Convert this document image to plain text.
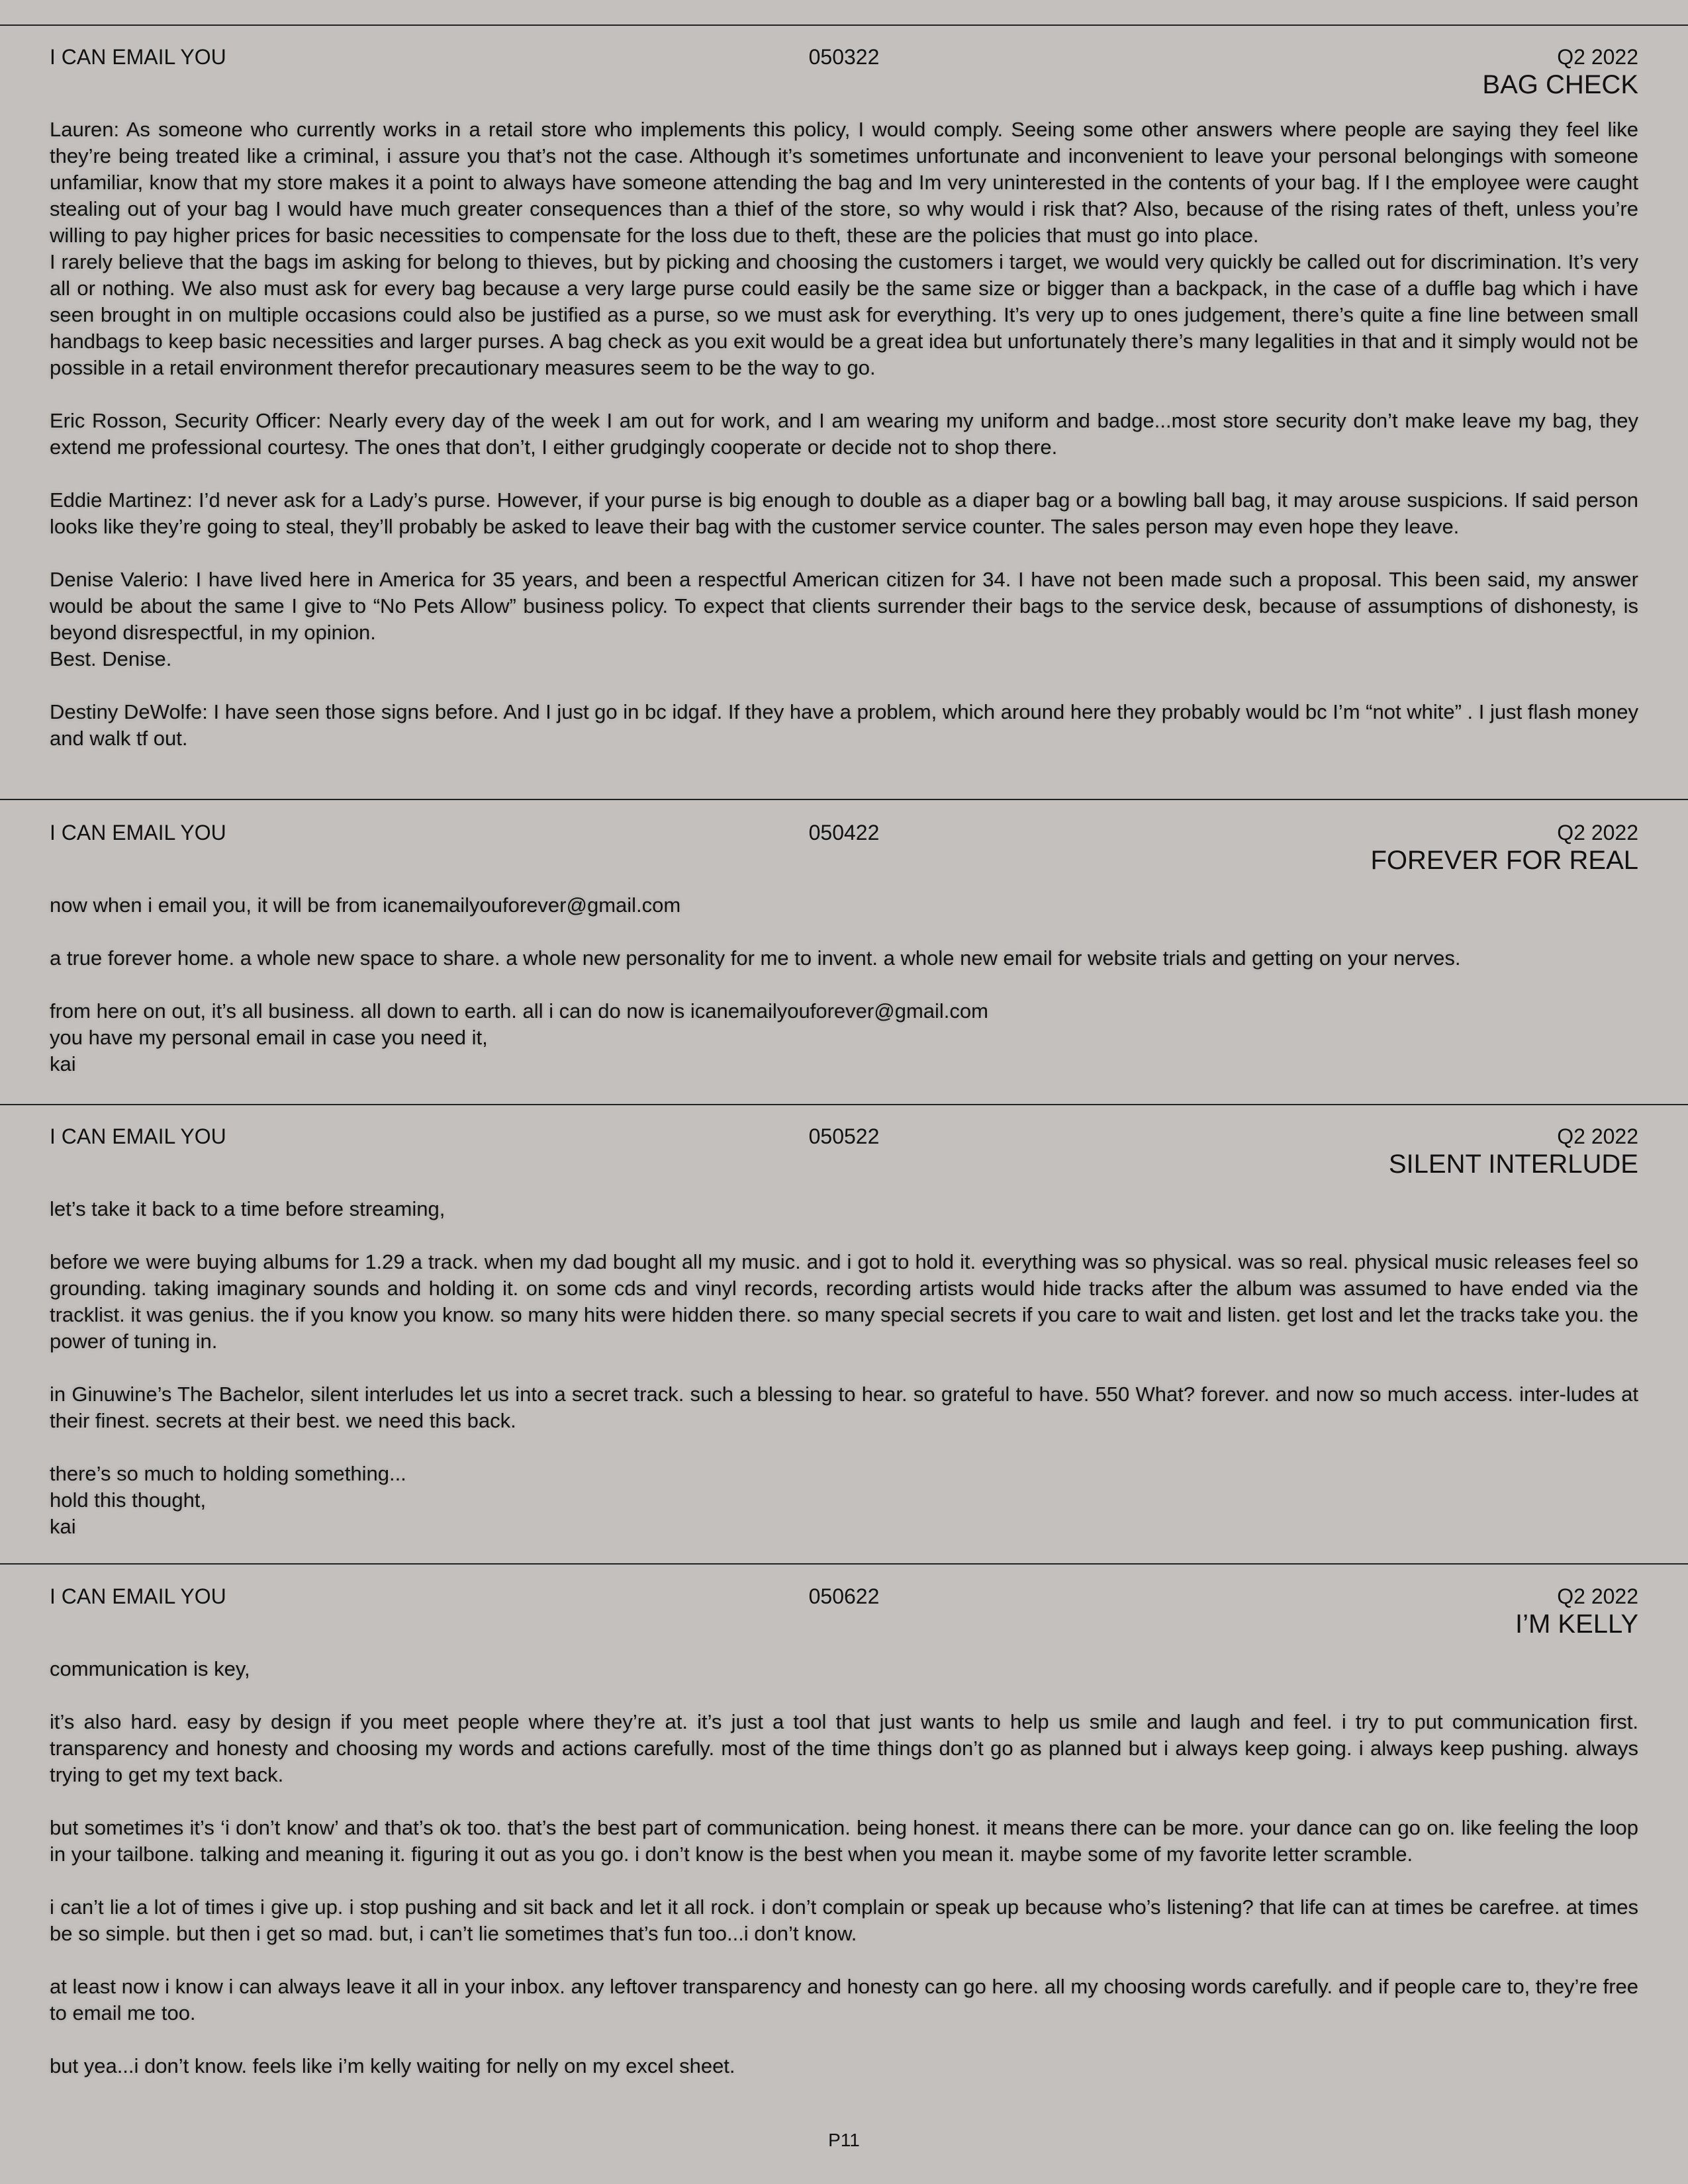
I CAN EMAIL YOU	050322	Q2 2022
BAG CHECK

Lauren: As someone who currently works in a retail store who implements this policy, I would comply. Seeing some other answers where people are saying they feel like they’re being treated like a criminal, i assure you that’s not the case. Although it’s sometimes unfortunate and inconvenient to leave your personal belongings with someone unfamiliar, know that my store makes it a point to always have someone attending the bag and Im very uninterested in the contents of your bag. If I the employee were caught stealing out of your bag I would have much greater consequences than a thief of the store, so why would i risk that? Also, because of the rising rates of theft, unless you’re willing to pay higher prices for basic necessities to compensate for the loss due to theft, these are the policies that must go into place.
I rarely believe that the bags im asking for belong to thieves, but by picking and choosing the customers i target, we would very quickly be called out for discrimination. It’s very all or nothing. We also must ask for every bag because a very large purse could easily be the same size or bigger than a backpack, in the case of a duffle bag which i have seen brought in on multiple occasions could also be justified as a purse, so we must ask for everything. It’s very up to ones judgement, there’s quite a fine line between small handbags to keep basic necessities and larger purses. A bag check as you exit would be a great idea but unfortunately there’s many legalities in that and it simply would not be possible in a retail environment therefor precautionary measures seem to be the way to go.

Eric Rosson, Security Officer: Nearly every day of the week I am out for work, and I am wearing my uniform and badge...most store security don’t make leave my bag, they extend me professional courtesy. The ones that don’t, I either grudgingly cooperate or decide not to shop there.

Eddie Martinez: I’d never ask for a Lady’s purse. However, if your purse is big enough to double as a diaper bag or a bowling ball bag, it may arouse suspicions. If said person looks like they’re going to steal, they’ll probably be asked to leave their bag with the customer service counter. The sales person may even hope they leave.

Denise Valerio: I have lived here in America for 35 years, and been a respectful American citizen for 34. I have not been made such a proposal. This been said, my answer would be about the same I give to “No Pets Allow” business policy. To expect that clients surrender their bags to the service desk, because of assumptions of dishonesty, is beyond disrespectful, in my opinion.
Best. Denise.

Destiny DeWolfe: I have seen those signs before. And I just go in bc idgaf. If they have a problem, which around here they probably would bc I’m “not white” . I just flash money and walk tf out.

I CAN EMAIL YOU	050422	Q2 2022
FOREVER FOR REAL

now when i email you, it will be from icanemailyouforever@gmail.com

a true forever home. a whole new space to share. a whole new personality for me to invent. a whole new email for website trials and getting on your nerves.

from here on out, it’s all business. all down to earth. all i can do now is icanemailyouforever@gmail.com
you have my personal email in case you need it,
kai

I CAN EMAIL YOU	050522	Q2 2022
SILENT INTERLUDE

let’s take it back to a time before streaming,

before we were buying albums for 1.29 a track. when my dad bought all my music. and i got to hold it. everything was so physical. was so real. physical music releases feel so grounding. taking imaginary sounds and holding it. on some cds and vinyl records, recording artists would hide tracks after the album was assumed to have ended via the tracklist. it was genius. the if you know you know. so many hits were hidden there. so many special secrets if you care to wait and listen. get lost and let the tracks take you. the power of tuning in.

in Ginuwine’s The Bachelor, silent interludes let us into a secret track. such a blessing to hear. so grateful to have. 550 What? forever. and now so much access. inter-ludes at their finest. secrets at their best. we need this back.

there’s so much to holding something...
hold this thought,
kai

I CAN EMAIL YOU	050622	Q2 2022
I’M KELLY

communication is key,

it’s also hard. easy by design if you meet people where they’re at. it’s just a tool that just wants to help us smile and laugh and feel. i try to put communication first. transparency and honesty and choosing my words and actions carefully. most of the time things don’t go as planned but i always keep going. i always keep pushing. always trying to get my text back.

but sometimes it’s ‘i don’t know’ and that’s ok too. that’s the best part of communication. being honest. it means there can be more. your dance can go on. like feeling the loop in your tailbone. talking and meaning it. figuring it out as you go. i don’t know is the best when you mean it. maybe some of my favorite letter scramble.

i can’t lie a lot of times i give up. i stop pushing and sit back and let it all rock. i don’t complain or speak up because who’s listening? that life can at times be carefree. at times be so simple. but then i get so mad. but, i can’t lie sometimes that’s fun too...i don’t know.

at least now i know i can always leave it all in your inbox. any leftover transparency and honesty can go here. all my choosing words carefully. and if people care to, they’re free to email me too.

but yea...i don’t know. feels like i’m kelly waiting for nelly on my excel sheet.

P11
